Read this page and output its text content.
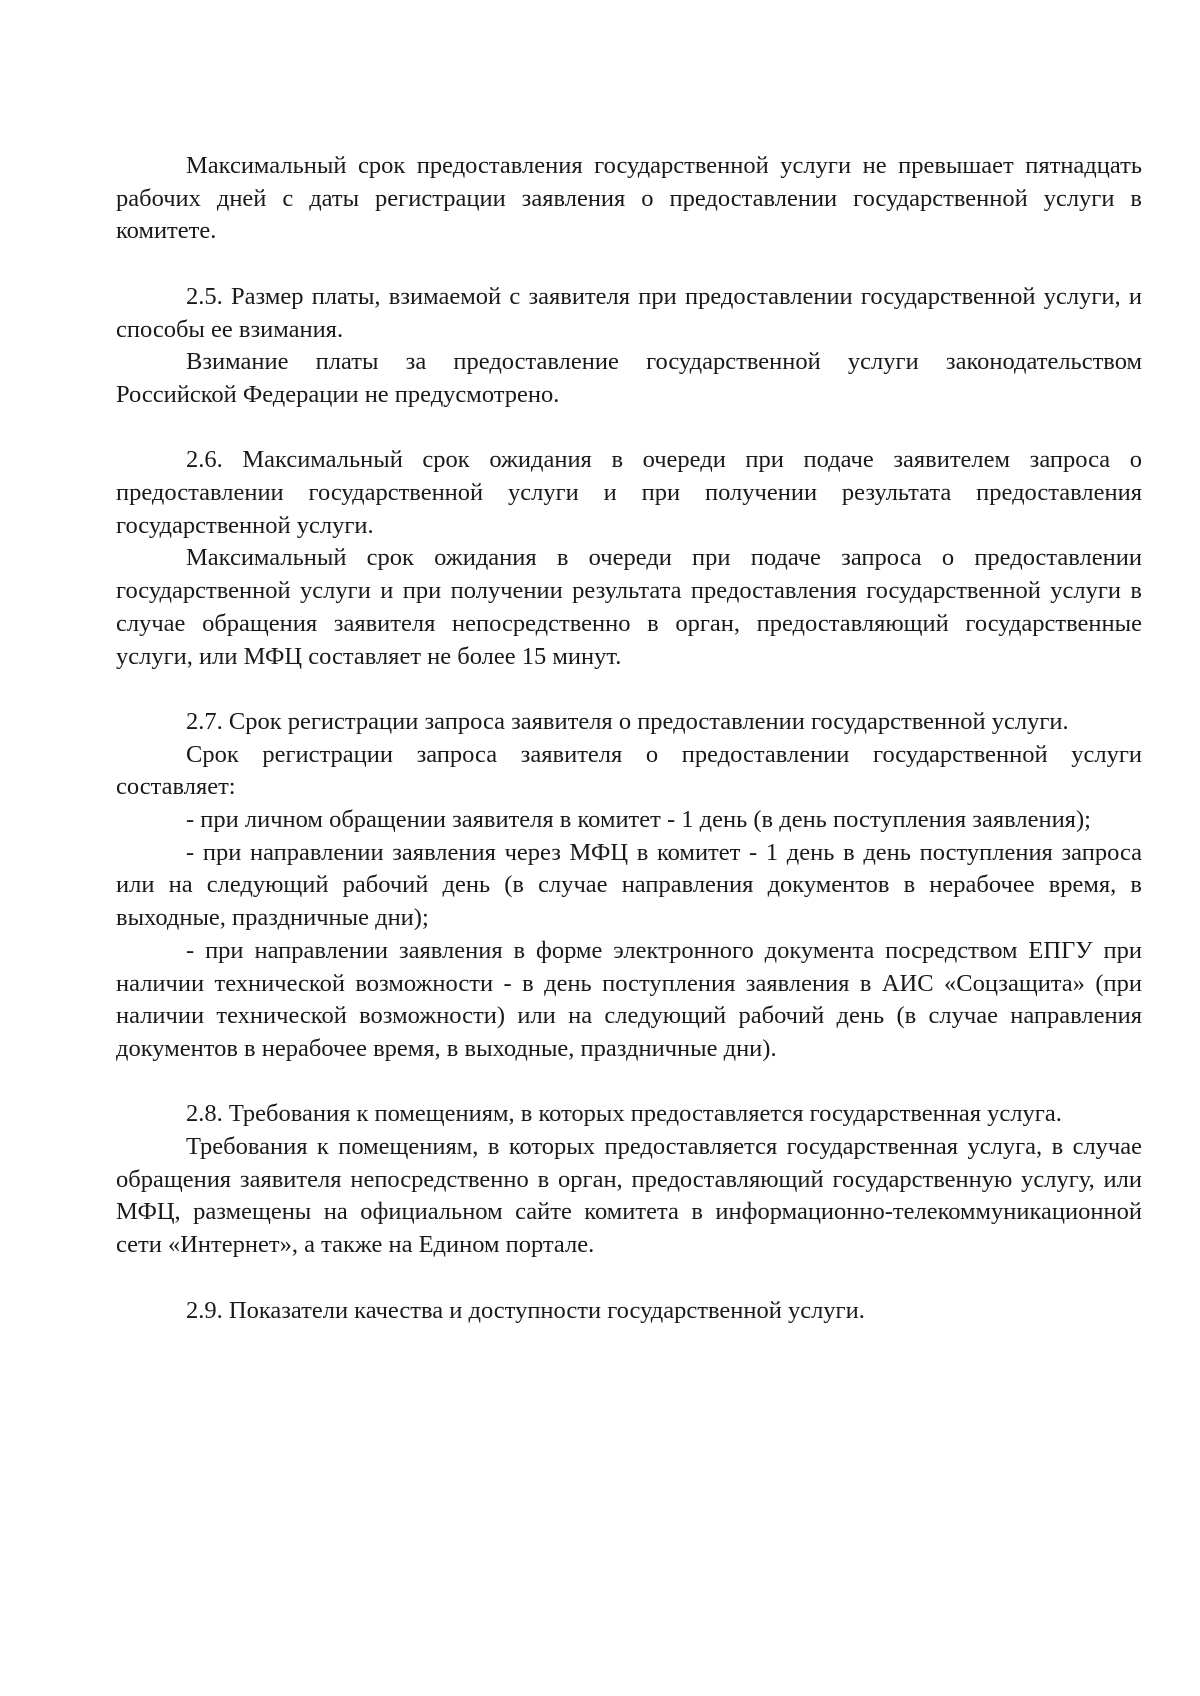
Максимальный срок предоставления государственной услуги не превышает пятнадцать рабочих дней с даты регистрации заявления о предоставлении государственной услуги в комитете.

2.5. Размер платы, взимаемой с заявителя при предоставлении государственной услуги, и способы ее взимания.

Взимание платы за предоставление государственной услуги законодательством Российской Федерации не предусмотрено.

2.6. Максимальный срок ожидания в очереди при подаче заявителем запроса о предоставлении государственной услуги и при получении результата предоставления государственной услуги.

Максимальный срок ожидания в очереди при подаче запроса о предоставлении государственной услуги и при получении результата предоставления государственной услуги в случае обращения заявителя непосредственно в орган, предоставляющий государственные услуги, или МФЦ составляет не более 15 минут.

2.7. Срок регистрации запроса заявителя о предоставлении государственной услуги.

Срок регистрации запроса заявителя о предоставлении государственной услуги составляет:

- при личном обращении заявителя в комитет - 1 день (в день поступления заявления);

- при направлении заявления через МФЦ в комитет - 1 день в день поступления запроса или на следующий рабочий день (в случае направления документов в нерабочее время, в выходные, праздничные дни);

- при направлении заявления в форме электронного документа посредством ЕПГУ при наличии технической возможности - в день поступления заявления в АИС «Соцзащита» (при наличии технической возможности) или на следующий рабочий день (в случае направления документов в нерабочее время, в выходные, праздничные дни).

2.8. Требования к помещениям, в которых предоставляется государственная услуга.

Требования к помещениям, в которых предоставляется государственная услуга, в случае обращения заявителя непосредственно в орган, предоставляющий государственную услугу, или МФЦ, размещены на официальном сайте комитета в информационно-телекоммуникационной сети «Интернет», а также на Едином портале.

2.9. Показатели качества и доступности государственной услуги.
